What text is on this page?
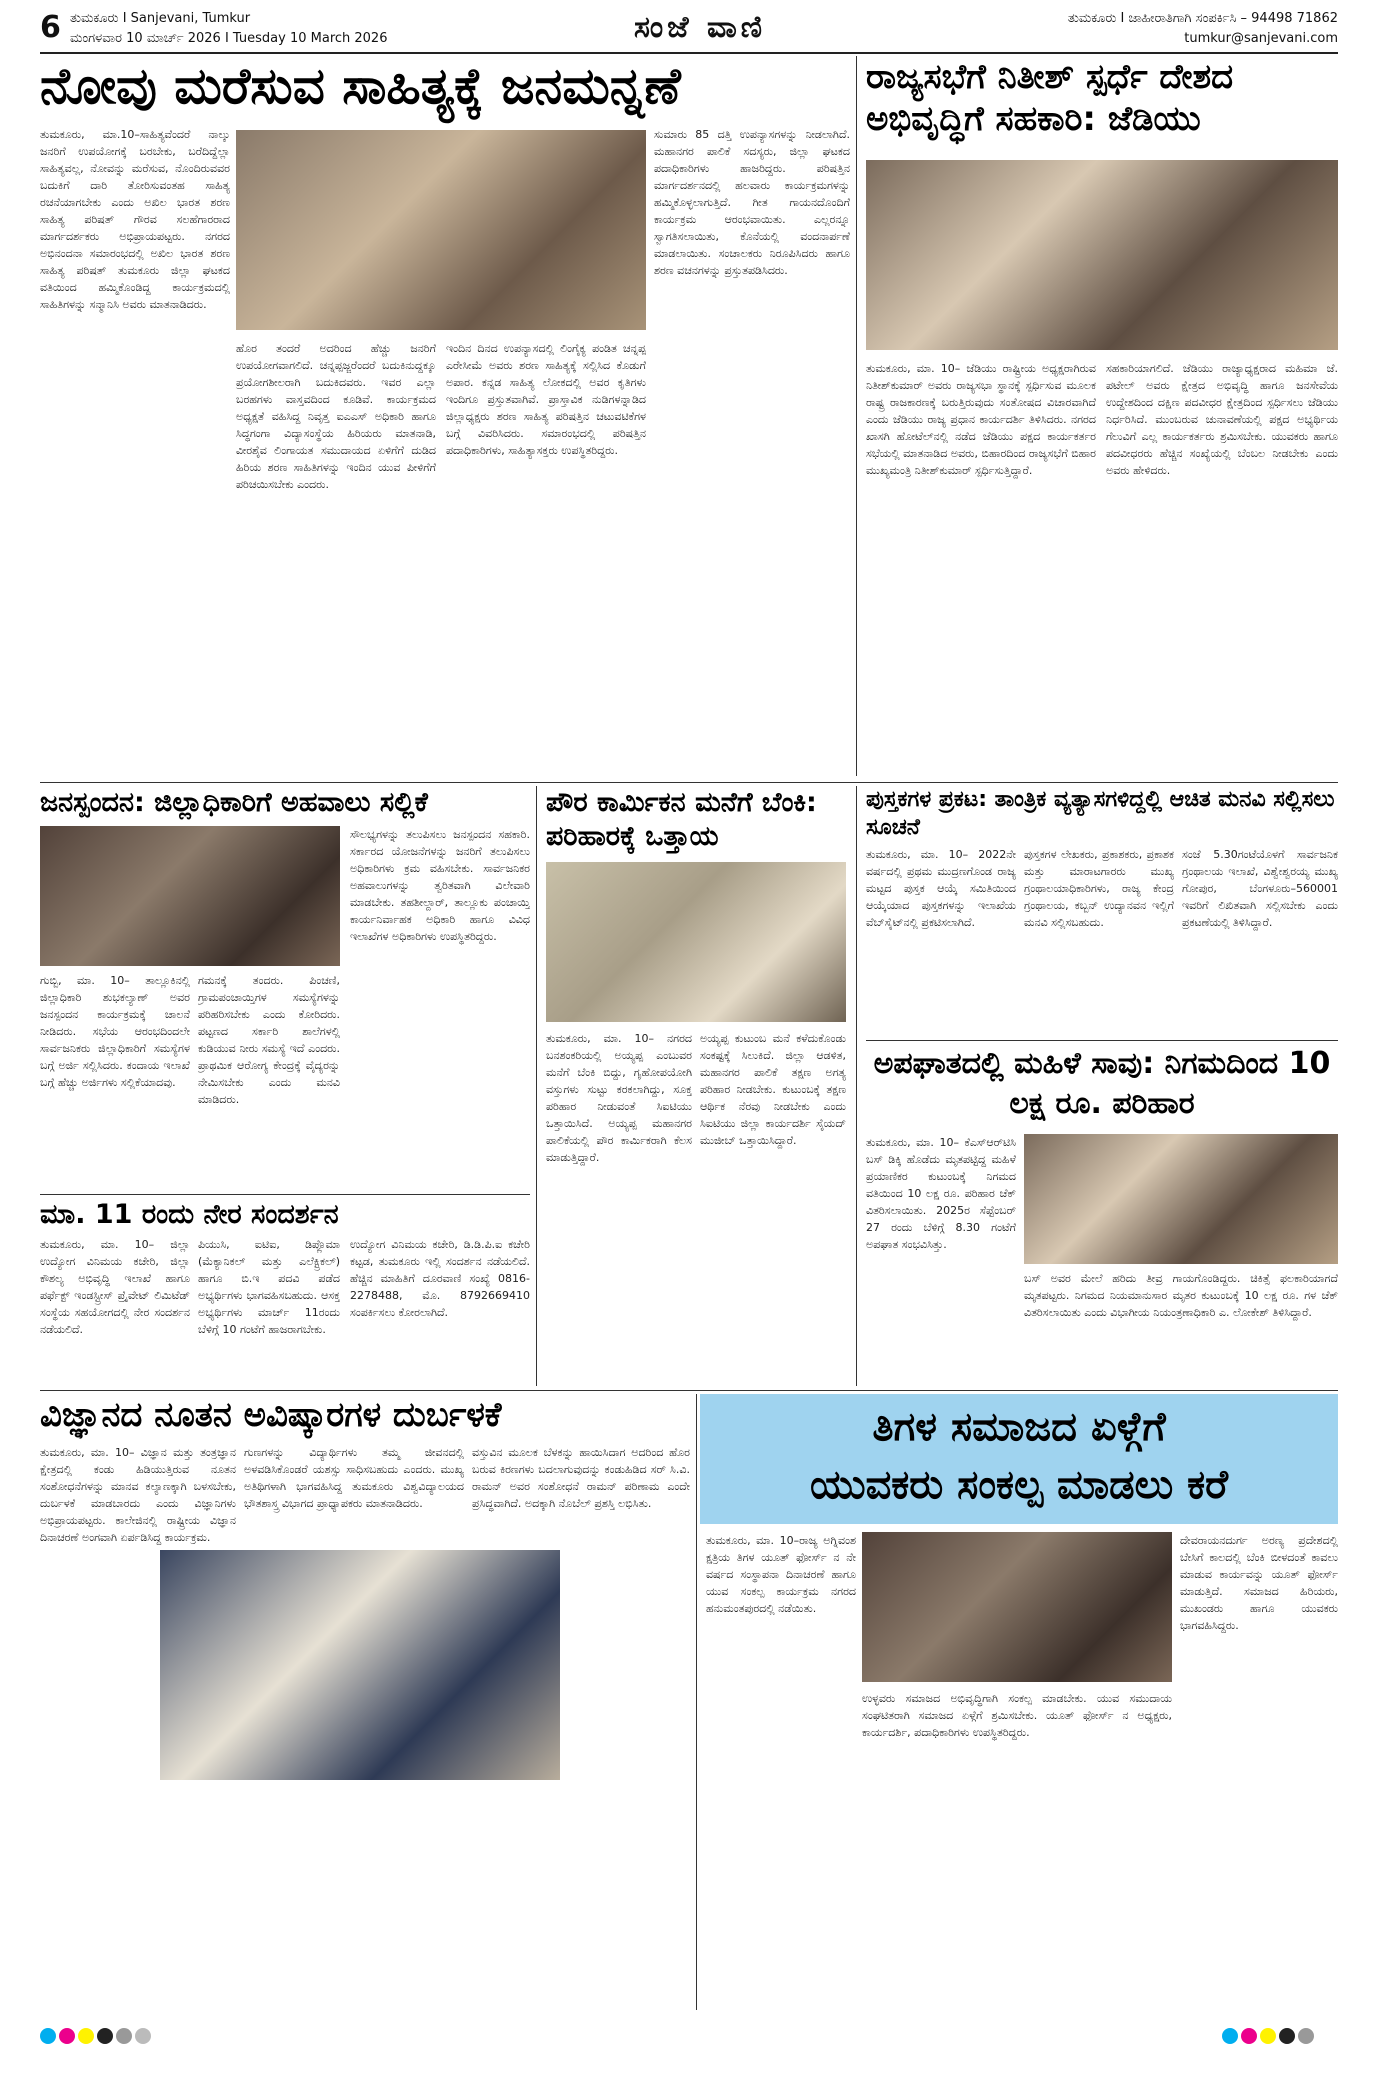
6 ತುಮಕೂರು I Sanjevani, Tumkur
ಮಂಗಳವಾರ 10 ಮಾರ್ಚ್ 2026 I Tuesday 10 March 2026	ಸಂಜೆ ವಾಣಿ	ತುಮಕೂರು I ಜಾಹೀರಾತಿಗಾಗಿ ಸಂಪರ್ಕಿಸಿ – 94498 71862
tumkur@sanjevani.com
ನೋವು ಮರೆಸುವ ಸಾಹಿತ್ಯಕ್ಕೆ ಜನಮನ್ನಣೆ
ತುಮಕೂರು, ಮಾ.10–ಸಾಹಿತ್ಯವೆಂದರೆ ನಾಲ್ಕು ಜನರಿಗೆ ಉಪಯೋಗಕ್ಕೆ ಬರಬೇಕು, ಬರೆದಿದ್ದೆಲ್ಲಾ ಸಾಹಿತ್ಯವಲ್ಲ, ನೋವನ್ನು ಮರೆಸುವ, ನೊಂದಿರುವವರ ಬದುಕಿಗೆ ದಾರಿ ತೋರಿಸುವಂತಹ ಸಾಹಿತ್ಯ ರಚನೆಯಾಗಬೇಕು ಎಂದು ಅಖಿಲ ಭಾರತ ಶರಣ ಸಾಹಿತ್ಯ ಪರಿಷತ್ ಗೌರವ ಸಲಹೆಗಾರರಾದ ಮಾರ್ಗದರ್ಶಕರು ಅಭಿಪ್ರಾಯಪಟ್ಟರು. ನಗರದ ಅಭಿನಂದನಾ ಸಮಾರಂಭದಲ್ಲಿ ಅಖಿಲ ಭಾರತ ಶರಣ ಸಾಹಿತ್ಯ ಪರಿಷತ್ ತುಮಕೂರು ಜಿಲ್ಲಾ ಘಟಕದ ವತಿಯಿಂದ ಹಮ್ಮಿಕೊಂಡಿದ್ದ ಕಾರ್ಯಕ್ರಮದಲ್ಲಿ ಸಾಹಿತಿಗಳನ್ನು ಸನ್ಮಾನಿಸಿ ಅವರು ಮಾತನಾಡಿದರು.
ಹೊರ ತಂದರೆ ಅದರಿಂದ ಹೆಚ್ಚು ಜನರಿಗೆ ಉಪಯೋಗವಾಗಲಿದೆ. ಚನ್ನಪ್ಪಜ್ಜರೆಂದರೆ ಬದುಕಿನುದ್ದಕ್ಕೂ ಪ್ರಯೋಗಶೀಲರಾಗಿ ಬದುಕಿದವರು. ಇವರ ಎಲ್ಲಾ ಬರಹಗಳು ವಾಸ್ತವದಿಂದ ಕೂಡಿವೆ. ಕಾರ್ಯಕ್ರಮದ ಅಧ್ಯಕ್ಷತೆ ವಹಿಸಿದ್ದ ನಿವೃತ್ತ ಐಎಎಸ್ ಅಧಿಕಾರಿ ಹಾಗೂ ಸಿದ್ಧಗಂಗಾ ವಿದ್ಯಾಸಂಸ್ಥೆಯ ಹಿರಿಯರು ಮಾತನಾಡಿ, ವೀರಶೈವ ಲಿಂಗಾಯತ ಸಮುದಾಯದ ಏಳಿಗೆಗೆ ದುಡಿದ ಹಿರಿಯ ಶರಣ ಸಾಹಿತಿಗಳನ್ನು ಇಂದಿನ ಯುವ ಪೀಳಿಗೆಗೆ ಪರಿಚಯಿಸಬೇಕು ಎಂದರು.
ಇಂದಿನ ದಿನದ ಉಪನ್ಯಾಸದಲ್ಲಿ ಲಿಂಗೈಕ್ಯ ಪಂಡಿತ ಚನ್ನಪ್ಪ ಎರೇಸೀಮೆ ಅವರು ಶರಣ ಸಾಹಿತ್ಯಕ್ಕೆ ಸಲ್ಲಿಸಿದ ಕೊಡುಗೆ ಅಪಾರ. ಕನ್ನಡ ಸಾಹಿತ್ಯ ಲೋಕದಲ್ಲಿ ಅವರ ಕೃತಿಗಳು ಇಂದಿಗೂ ಪ್ರಸ್ತುತವಾಗಿವೆ. ಪ್ರಾಸ್ತಾವಿಕ ನುಡಿಗಳನ್ನಾಡಿದ ಜಿಲ್ಲಾಧ್ಯಕ್ಷರು ಶರಣ ಸಾಹಿತ್ಯ ಪರಿಷತ್ತಿನ ಚಟುವಟಿಕೆಗಳ ಬಗ್ಗೆ ವಿವರಿಸಿದರು. ಸಮಾರಂಭದಲ್ಲಿ ಪರಿಷತ್ತಿನ ಪದಾಧಿಕಾರಿಗಳು, ಸಾಹಿತ್ಯಾಸಕ್ತರು ಉಪಸ್ಥಿತರಿದ್ದರು.
ಸುಮಾರು 85 ದತ್ತಿ ಉಪನ್ಯಾಸಗಳನ್ನು ನೀಡಲಾಗಿದೆ. ಮಹಾನಗರ ಪಾಲಿಕೆ ಸದಸ್ಯರು, ಜಿಲ್ಲಾ ಘಟಕದ ಪದಾಧಿಕಾರಿಗಳು ಹಾಜರಿದ್ದರು. ಪರಿಷತ್ತಿನ ಮಾರ್ಗದರ್ಶನದಲ್ಲಿ ಹಲವಾರು ಕಾರ್ಯಕ್ರಮಗಳನ್ನು ಹಮ್ಮಿಕೊಳ್ಳಲಾಗುತ್ತಿದೆ. ಗೀತ ಗಾಯನದೊಂದಿಗೆ ಕಾರ್ಯಕ್ರಮ ಆರಂಭವಾಯಿತು. ಎಲ್ಲರನ್ನೂ ಸ್ವಾಗತಿಸಲಾಯಿತು, ಕೊನೆಯಲ್ಲಿ ವಂದನಾರ್ಪಣೆ ಮಾಡಲಾಯಿತು. ಸಂಚಾಲಕರು ನಿರೂಪಿಸಿದರು ಹಾಗೂ ಶರಣ ವಚನಗಳನ್ನು ಪ್ರಸ್ತುತಪಡಿಸಿದರು.
ರಾಜ್ಯಸಭೆಗೆ ನಿತೀಶ್ ಸ್ಪರ್ಧೆ ದೇಶದ ಅಭಿವೃದ್ಧಿಗೆ ಸಹಕಾರಿ: ಜೆಡಿಯು
ತುಮಕೂರು, ಮಾ. 10– ಜೆಡಿಯು ರಾಷ್ಟ್ರೀಯ ಅಧ್ಯಕ್ಷರಾಗಿರುವ ನಿತೀಶ್‌ಕುಮಾರ್ ಅವರು ರಾಜ್ಯಸಭಾ ಸ್ಥಾನಕ್ಕೆ ಸ್ಪರ್ಧಿಸುವ ಮೂಲಕ ರಾಷ್ಟ್ರ ರಾಜಕಾರಣಕ್ಕೆ ಬರುತ್ತಿರುವುದು ಸಂತೋಷದ ವಿಚಾರವಾಗಿದೆ ಎಂದು ಜೆಡಿಯು ರಾಜ್ಯ ಪ್ರಧಾನ ಕಾರ್ಯದರ್ಶಿ ತಿಳಿಸಿದರು. ನಗರದ ಖಾಸಗಿ ಹೋಟೆಲ್‌ನಲ್ಲಿ ನಡೆದ ಜೆಡಿಯು ಪಕ್ಷದ ಕಾರ್ಯಕರ್ತರ ಸಭೆಯಲ್ಲಿ ಮಾತನಾಡಿದ ಅವರು, ಬಿಹಾರದಿಂದ ರಾಜ್ಯಸಭೆಗೆ ಬಿಹಾರ ಮುಖ್ಯಮಂತ್ರಿ ನಿತೀಶ್‌ಕುಮಾರ್ ಸ್ಪರ್ಧಿಸುತ್ತಿದ್ದಾರೆ.
ಸಹಕಾರಿಯಾಗಲಿದೆ. ಜೆಡಿಯು ರಾಜ್ಯಾಧ್ಯಕ್ಷರಾದ ಮಹಿಮಾ ಜೆ. ಪಟೇಲ್ ಅವರು ಕ್ಷೇತ್ರದ ಅಭಿವೃದ್ಧಿ ಹಾಗೂ ಜನಸೇವೆಯ ಉದ್ದೇಶದಿಂದ ದಕ್ಷಿಣ ಪದವೀಧರ ಕ್ಷೇತ್ರದಿಂದ ಸ್ಪರ್ಧಿಸಲು ಜೆಡಿಯು ನಿರ್ಧರಿಸಿದೆ. ಮುಂಬರುವ ಚುನಾವಣೆಯಲ್ಲಿ ಪಕ್ಷದ ಅಭ್ಯರ್ಥಿಯ ಗೆಲುವಿಗೆ ಎಲ್ಲ ಕಾರ್ಯಕರ್ತರು ಶ್ರಮಿಸಬೇಕು. ಯುವಕರು ಹಾಗೂ ಪದವೀಧರರು ಹೆಚ್ಚಿನ ಸಂಖ್ಯೆಯಲ್ಲಿ ಬೆಂಬಲ ನೀಡಬೇಕು ಎಂದು ಅವರು ಹೇಳಿದರು.
ಜನಸ್ಪಂದನ: ಜಿಲ್ಲಾಧಿಕಾರಿಗೆ ಅಹವಾಲು ಸಲ್ಲಿಕೆ
ಗುಬ್ಬಿ, ಮಾ. 10– ತಾಲ್ಲೂಕಿನಲ್ಲಿ ಜಿಲ್ಲಾಧಿಕಾರಿ ಶುಭಕಲ್ಯಾಣ್ ಅವರ ಜನಸ್ಪಂದನ ಕಾರ್ಯಕ್ರಮಕ್ಕೆ ಚಾಲನೆ ನೀಡಿದರು. ಸಭೆಯ ಆರಂಭದಿಂದಲೇ ಸಾರ್ವಜನಿಕರು ಜಿಲ್ಲಾಧಿಕಾರಿಗೆ ಸಮಸ್ಯೆಗಳ ಬಗ್ಗೆ ಅರ್ಜಿ ಸಲ್ಲಿಸಿದರು. ಕಂದಾಯ ಇಲಾಖೆ ಬಗ್ಗೆ ಹೆಚ್ಚು ಅರ್ಜಿಗಳು ಸಲ್ಲಿಕೆಯಾದವು.
ಗಮನಕ್ಕೆ ತಂದರು. ಪಿಂಚಣಿ, ಗ್ರಾಮಪಂಚಾಯ್ತಿಗಳ ಸಮಸ್ಯೆಗಳನ್ನು ಪರಿಹರಿಸಬೇಕು ಎಂದು ಕೋರಿದರು. ಪಟ್ಟಣದ ಸರ್ಕಾರಿ ಶಾಲೆಗಳಲ್ಲಿ ಕುಡಿಯುವ ನೀರು ಸಮಸ್ಯೆ ಇದೆ ಎಂದರು. ಪ್ರಾಥಮಿಕ ಆರೋಗ್ಯ ಕೇಂದ್ರಕ್ಕೆ ವೈದ್ಯರನ್ನು ನೇಮಿಸಬೇಕು ಎಂದು ಮನವಿ ಮಾಡಿದರು.
ಸೌಲಭ್ಯಗಳನ್ನು ತಲುಪಿಸಲು ಜನಸ್ಪಂದನ ಸಹಕಾರಿ. ಸರ್ಕಾರದ ಯೋಜನೆಗಳನ್ನು ಜನರಿಗೆ ತಲುಪಿಸಲು ಅಧಿಕಾರಿಗಳು ಕ್ರಮ ವಹಿಸಬೇಕು. ಸಾರ್ವಜನಿಕರ ಅಹವಾಲುಗಳನ್ನು ತ್ವರಿತವಾಗಿ ವಿಲೇವಾರಿ ಮಾಡಬೇಕು. ತಹಶೀಲ್ದಾರ್, ತಾಲ್ಲೂಕು ಪಂಚಾಯ್ತಿ ಕಾರ್ಯನಿರ್ವಾಹಕ ಅಧಿಕಾರಿ ಹಾಗೂ ವಿವಿಧ ಇಲಾಖೆಗಳ ಅಧಿಕಾರಿಗಳು ಉಪಸ್ಥಿತರಿದ್ದರು.
ಮಾ. 11 ರಂದು ನೇರ ಸಂದರ್ಶನ
ತುಮಕೂರು, ಮಾ. 10– ಜಿಲ್ಲಾ ಉದ್ಯೋಗ ವಿನಿಮಯ ಕಚೇರಿ, ಜಿಲ್ಲಾ ಕೌಶಲ್ಯ ಅಭಿವೃದ್ಧಿ ಇಲಾಖೆ ಹಾಗೂ ಪರ್ಫೆಕ್ಟ್ ಇಂಡಸ್ಟ್ರೀಸ್ ಪ್ರೈವೇಟ್ ಲಿಮಿಟೆಡ್ ಸಂಸ್ಥೆಯ ಸಹಯೋಗದಲ್ಲಿ ನೇರ ಸಂದರ್ಶನ ನಡೆಯಲಿದೆ.
ಪಿಯುಸಿ, ಐಟಿಐ, ಡಿಪ್ಲೊಮಾ (ಮೆಕ್ಯಾನಿಕಲ್ ಮತ್ತು ಎಲೆಕ್ಟ್ರಿಕಲ್) ಹಾಗೂ ಬಿ.ಇ ಪದವಿ ಪಡೆದ ಅಭ್ಯರ್ಥಿಗಳು ಭಾಗವಹಿಸಬಹುದು. ಆಸಕ್ತ ಅಭ್ಯರ್ಥಿಗಳು ಮಾರ್ಚ್ 11ರಂದು ಬೆಳಿಗ್ಗೆ 10 ಗಂಟೆಗೆ ಹಾಜರಾಗಬೇಕು.
ಉದ್ಯೋಗ ವಿನಿಮಯ ಕಚೇರಿ, ಡಿ.ಡಿ.ಪಿ.ಐ ಕಚೇರಿ ಕಟ್ಟಡ, ತುಮಕೂರು ಇಲ್ಲಿ ಸಂದರ್ಶನ ನಡೆಯಲಿದೆ. ಹೆಚ್ಚಿನ ಮಾಹಿತಿಗೆ ದೂರವಾಣಿ ಸಂಖ್ಯೆ 0816-2278488, ಮೊ. 8792669410 ಸಂಪರ್ಕಿಸಲು ಕೋರಲಾಗಿದೆ.
ಪೌರ ಕಾರ್ಮಿಕನ ಮನೆಗೆ ಬೆಂಕಿ: ಪರಿಹಾರಕ್ಕೆ ಒತ್ತಾಯ
ತುಮಕೂರು, ಮಾ. 10– ನಗರದ ಬನಶಂಕರಿಯಲ್ಲಿ ಅಯ್ಯಪ್ಪ ಎಂಬುವರ ಮನೆಗೆ ಬೆಂಕಿ ಬಿದ್ದು, ಗೃಹೋಪಯೋಗಿ ವಸ್ತುಗಳು ಸುಟ್ಟು ಕರಕಲಾಗಿದ್ದು, ಸೂಕ್ತ ಪರಿಹಾರ ನೀಡುವಂತೆ ಸಿಐಟಿಯು ಒತ್ತಾಯಿಸಿದೆ. ಅಯ್ಯಪ್ಪ ಮಹಾನಗರ ಪಾಲಿಕೆಯಲ್ಲಿ ಪೌರ ಕಾರ್ಮಿಕರಾಗಿ ಕೆಲಸ ಮಾಡುತ್ತಿದ್ದಾರೆ.
ಅಯ್ಯಪ್ಪ ಕುಟುಂಬ ಮನೆ ಕಳೆದುಕೊಂಡು ಸಂಕಷ್ಟಕ್ಕೆ ಸಿಲುಕಿದೆ. ಜಿಲ್ಲಾ ಆಡಳಿತ, ಮಹಾನಗರ ಪಾಲಿಕೆ ತಕ್ಷಣ ಅಗತ್ಯ ಪರಿಹಾರ ನೀಡಬೇಕು. ಕುಟುಂಬಕ್ಕೆ ತಕ್ಷಣ ಆರ್ಥಿಕ ನೆರವು ನೀಡಬೇಕು ಎಂದು ಸಿಐಟಿಯು ಜಿಲ್ಲಾ ಕಾರ್ಯದರ್ಶಿ ಸೈಯದ್ ಮುಜೀಬ್ ಒತ್ತಾಯಿಸಿದ್ದಾರೆ.
ಪುಸ್ತಕಗಳ ಪ್ರಕಟ: ತಾಂತ್ರಿಕ ವ್ಯತ್ಯಾಸಗಳಿದ್ದಲ್ಲಿ ಆಚಿತ ಮನವಿ ಸಲ್ಲಿಸಲು ಸೂಚನೆ
ತುಮಕೂರು, ಮಾ. 10– 2022ನೇ ವರ್ಷದಲ್ಲಿ ಪ್ರಥಮ ಮುದ್ರಣಗೊಂಡ ರಾಜ್ಯ ಮಟ್ಟದ ಪುಸ್ತಕ ಆಯ್ಕೆ ಸಮಿತಿಯಿಂದ ಆಯ್ಕೆಯಾದ ಪುಸ್ತಕಗಳನ್ನು ಇಲಾಖೆಯ ವೆಬ್‌ಸೈಟ್‌ನಲ್ಲಿ ಪ್ರಕಟಿಸಲಾಗಿದೆ.
ಪುಸ್ತಕಗಳ ಲೇಖಕರು, ಪ್ರಕಾಶಕರು, ಪ್ರಕಾಶಕ ಮತ್ತು ಮಾರಾಟಗಾರರು ಮುಖ್ಯ ಗ್ರಂಥಾಲಯಾಧಿಕಾರಿಗಳು, ರಾಜ್ಯ ಕೇಂದ್ರ ಗ್ರಂಥಾಲಯ, ಕಬ್ಬನ್ ಉದ್ಯಾನವನ ಇಲ್ಲಿಗೆ ಮನವಿ ಸಲ್ಲಿಸಬಹುದು.
ಸಂಜೆ 5.30ಗಂಟೆಯೊಳಗೆ ಸಾರ್ವಜನಿಕ ಗ್ರಂಥಾಲಯ ಇಲಾಖೆ, ವಿಶ್ವೇಶ್ವರಯ್ಯ ಮುಖ್ಯ ಗೋಪುರ, ಬೆಂಗಳೂರು–560001 ಇವರಿಗೆ ಲಿಖಿತವಾಗಿ ಸಲ್ಲಿಸಬೇಕು ಎಂದು ಪ್ರಕಟಣೆಯಲ್ಲಿ ತಿಳಿಸಿದ್ದಾರೆ.
ಅಪಘಾತದಲ್ಲಿ ಮಹಿಳೆ ಸಾವು: ನಿಗಮದಿಂದ 10 ಲಕ್ಷ ರೂ. ಪರಿಹಾರ
ತುಮಕೂರು, ಮಾ. 10– ಕೆಎಸ್ಆರ್‌ಟಿಸಿ ಬಸ್ ಡಿಕ್ಕಿ ಹೊಡೆದು ಮೃತಪಟ್ಟಿದ್ದ ಮಹಿಳೆ ಪ್ರಯಾಣಿಕರ ಕುಟುಂಬಕ್ಕೆ ನಿಗಮದ ವತಿಯಿಂದ 10 ಲಕ್ಷ ರೂ. ಪರಿಹಾರ ಚೆಕ್ ವಿತರಿಸಲಾಯಿತು. 2025ರ ಸೆಪ್ಟೆಂಬರ್ 27 ರಂದು ಬೆಳಿಗ್ಗೆ 8.30 ಗಂಟೆಗೆ ಅಪಘಾತ ಸಂಭವಿಸಿತ್ತು.
ಬಸ್ ಅವರ ಮೇಲೆ ಹರಿದು ತೀವ್ರ ಗಾಯಗೊಂಡಿದ್ದರು. ಚಿಕಿತ್ಸೆ ಫಲಕಾರಿಯಾಗದೆ ಮೃತಪಟ್ಟರು. ನಿಗಮದ ನಿಯಮಾನುಸಾರ ಮೃತರ ಕುಟುಂಬಕ್ಕೆ 10 ಲಕ್ಷ ರೂ. ಗಳ ಚೆಕ್ ವಿತರಿಸಲಾಯಿತು ಎಂದು ವಿಭಾಗೀಯ ನಿಯಂತ್ರಣಾಧಿಕಾರಿ ಎ. ಲೋಕೇಶ್ ತಿಳಿಸಿದ್ದಾರೆ.
ವಿಜ್ಞಾನದ ನೂತನ ಅವಿಷ್ಕಾರಗಳ ದುರ್ಬಳಕೆ
ತುಮಕೂರು, ಮಾ. 10– ವಿಜ್ಞಾನ ಮತ್ತು ತಂತ್ರಜ್ಞಾನ ಕ್ಷೇತ್ರದಲ್ಲಿ ಕಂಡು ಹಿಡಿಯುತ್ತಿರುವ ನೂತನ ಸಂಶೋಧನೆಗಳನ್ನು ಮಾನವ ಕಲ್ಯಾಣಕ್ಕಾಗಿ ಬಳಸಬೇಕು, ದುರ್ಬಳಕೆ ಮಾಡಬಾರದು ಎಂದು ವಿಜ್ಞಾನಿಗಳು ಅಭಿಪ್ರಾಯಪಟ್ಟರು. ಕಾಲೇಜಿನಲ್ಲಿ ರಾಷ್ಟ್ರೀಯ ವಿಜ್ಞಾನ ದಿನಾಚರಣೆ ಅಂಗವಾಗಿ ಏರ್ಪಡಿಸಿದ್ದ ಕಾರ್ಯಕ್ರಮ.
ಗುಣಗಳನ್ನು ವಿದ್ಯಾರ್ಥಿಗಳು ತಮ್ಮ ಜೀವನದಲ್ಲಿ ಅಳವಡಿಸಿಕೊಂಡರೆ ಯಶಸ್ಸು ಸಾಧಿಸಬಹುದು ಎಂದರು. ಮುಖ್ಯ ಅತಿಥಿಗಳಾಗಿ ಭಾಗವಹಿಸಿದ್ದ ತುಮಕೂರು ವಿಶ್ವವಿದ್ಯಾಲಯದ ಭೌತಶಾಸ್ತ್ರ ವಿಭಾಗದ ಪ್ರಾಧ್ಯಾಪಕರು ಮಾತನಾಡಿದರು.
ವಸ್ತುವಿನ ಮೂಲಕ ಬೆಳಕನ್ನು ಹಾಯಿಸಿದಾಗ ಅದರಿಂದ ಹೊರ ಬರುವ ಕಿರಣಗಳು ಬದಲಾಗುವುದನ್ನು ಕಂಡುಹಿಡಿದ ಸರ್ ಸಿ.ವಿ. ರಾಮನ್ ಅವರ ಸಂಶೋಧನೆ ರಾಮನ್ ಪರಿಣಾಮ ಎಂದೇ ಪ್ರಸಿದ್ಧವಾಗಿದೆ. ಅದಕ್ಕಾಗಿ ನೊಬೆಲ್ ಪ್ರಶಸ್ತಿ ಲಭಿಸಿತು.
ತಿಗಳ ಸಮಾಜದ ಏಳ್ಗೆಗೆ
ಯುವಕರು ಸಂಕಲ್ಪ ಮಾಡಲು ಕರೆ
ತುಮಕೂರು, ಮಾ. 10–ರಾಜ್ಯ ಅಗ್ನಿವಂಶ ಕ್ಷತ್ರಿಯ ತಿಗಳ ಯೂತ್ ಫೋರ್ಸ್ ನ ನೇ ವರ್ಷದ ಸಂಸ್ಥಾಪನಾ ದಿನಾಚರಣೆ ಹಾಗೂ ಯುವ ಸಂಕಲ್ಪ ಕಾರ್ಯಕ್ರಮ ನಗರದ ಹನುಮಂತಪುರದಲ್ಲಿ ನಡೆಯಿತು.
ಉಳ್ಳವರು ಸಮಾಜದ ಅಭಿವೃದ್ಧಿಗಾಗಿ ಸಂಕಲ್ಪ ಮಾಡಬೇಕು. ಯುವ ಸಮುದಾಯ ಸಂಘಟಿತರಾಗಿ ಸಮಾಜದ ಏಳ್ಗೆಗೆ ಶ್ರಮಿಸಬೇಕು. ಯೂತ್ ಫೋರ್ಸ್ ನ ಅಧ್ಯಕ್ಷರು, ಕಾರ್ಯದರ್ಶಿ, ಪದಾಧಿಕಾರಿಗಳು ಉಪಸ್ಥಿತರಿದ್ದರು.
ದೇವರಾಯನದುರ್ಗ ಅರಣ್ಯ ಪ್ರದೇಶದಲ್ಲಿ ಬೇಸಿಗೆ ಕಾಲದಲ್ಲಿ ಬೆಂಕಿ ಬೀಳದಂತೆ ಕಾವಲು ಮಾಡುವ ಕಾರ್ಯವನ್ನು ಯೂತ್ ಫೋರ್ಸ್ ಮಾಡುತ್ತಿದೆ. ಸಮಾಜದ ಹಿರಿಯರು, ಮುಖಂಡರು ಹಾಗೂ ಯುವಕರು ಭಾಗವಹಿಸಿದ್ದರು.
